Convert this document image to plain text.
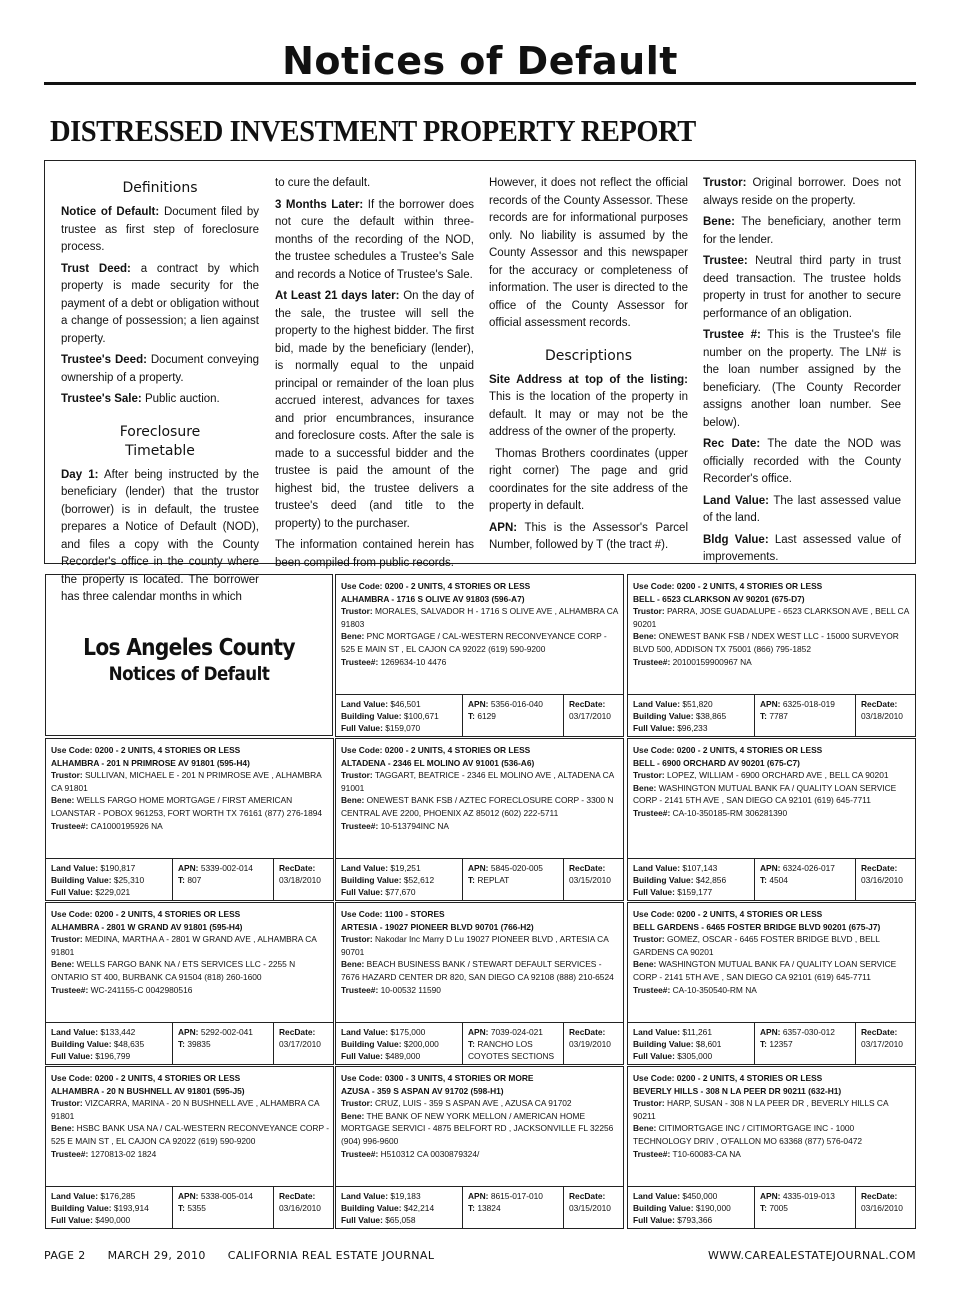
Notices of Default
DISTRESSED INVESTMENT PROPERTY REPORT
Definitions

Notice of Default: Document filed by trustee as first step of foreclosure process.

Trust Deed: a contract by which property is made security for the payment of a debt or obligation without a change of possession; a lien against property.

Trustee's Deed: Document conveying ownership of a property.

Trustee's Sale: Public auction.

Foreclosure
Timetable

Day 1: After being instructed by the beneficiary (lender) that the trustor (borrower) is in default, the trustee prepares a Notice of Default (NOD), and files a copy with the County Recorder's office in the county where the property is located. The borrower has three calendar months in which

to cure the default.

3 Months Later: If the borrower does not cure the default within three-months of the recording of the NOD, the trustee schedules a Trustee's Sale and records a Notice of Trustee's Sale.

At Least 21 days later: On the day of the sale, the trustee will sell the property to the highest bidder. The first bid, made by the beneficiary (lender), is normally equal to the unpaid principal or remainder of the loan plus accrued interest, advances for taxes and prior encumbrances, insurance and foreclosure costs. After the sale is made to a successful bidder and the trustee is paid the amount of the highest bid, the trustee delivers a trustee's deed (and title to the property) to the purchaser.

The information contained herein has been compiled from public records.

However, it does not reflect the official records of the County Assessor. These records are for informational purposes only. No liability is assumed by the County Assessor and this newspaper for the accuracy or completeness of information. The user is directed to the office of the County Assessor for official assessment records.

Descriptions

Site Address at top of the listing: This is the location of the property in default. It may or may not be the address of the owner of the property.

Thomas Brothers coordinates (upper right corner) The page and grid coordinates for the site address of the property in default.

APN: This is the Assessor's Parcel Number, followed by T (the tract #).

Trustor: Original borrower. Does not always reside on the property.

Bene: The beneficiary, another term for the lender.

Trustee: Neutral third party in trust deed transaction. The trustee holds property in trust for another to secure performance of an obligation.

Trustee #: This is the Trustee's file number on the property. The LN# is the loan number assigned by the beneficiary. (The County Recorder assigns another loan number. See below).

Rec Date: The date the NOD was officially recorded with the County Recorder's office.

Land Value: The last assessed value of the land.

Bldg Value: Last assessed value of improvements.

Los Angeles County
Notices of Default
Use Code: 0200 - 2 UNITS, 4 STORIES OR LESS
ALHAMBRA - 1716 S OLIVE AV 91803 (596-A7)
Trustor: MORALES, SALVADOR H - 1716 S OLIVE AVE , ALHAMBRA CA 91803
Bene: PNC MORTGAGE / CAL-WESTERN RECONVEYANCE CORP - 525 E MAIN ST , EL CAJON CA 92022 (619) 590-9200
Trustee#: 1269634-10 4476
Land Value: $46,501
Building Value: $100,671
Full Value: $159,070
APN: 5356-016-040
T: 6129
RecDate:
03/17/2010
Use Code: 0200 - 2 UNITS, 4 STORIES OR LESS
BELL - 6523 CLARKSON AV 90201 (675-D7)
Trustor: PARRA, JOSE GUADALUPE - 6523 CLARKSON AVE , BELL CA 90201
Bene: ONEWEST BANK FSB / NDEX WEST LLC - 15000 SURVEYOR BLVD 500, ADDISON TX 75001 (866) 795-1852
Trustee#: 20100159900967 NA
Land Value: $51,820
Building Value: $38,865
Full Value: $96,233
APN: 6325-018-019
T: 7787
RecDate:
03/18/2010
Use Code: 0200 - 2 UNITS, 4 STORIES OR LESS
ALHAMBRA - 201 N PRIMROSE AV 91801 (595-H4)
Trustor: SULLIVAN, MICHAEL E - 201 N PRIMROSE AVE , ALHAMBRA CA 91801
Bene: WELLS FARGO HOME MORTGAGE / FIRST AMERICAN LOANSTAR - POBOX 961253, FORT WORTH TX 76161 (877) 276-1894
Trustee#: CA1000195926 NA
Land Value: $190,817
Building Value: $25,310
Full Value: $229,021
APN: 5339-002-014
T: 807
RecDate:
03/18/2010
Use Code: 0200 - 2 UNITS, 4 STORIES OR LESS
ALTADENA - 2346 EL MOLINO AV 91001 (536-A6)
Trustor: TAGGART, BEATRICE - 2346 EL MOLINO AVE , ALTADENA CA 91001
Bene: ONEWEST BANK FSB / AZTEC FORECLOSURE CORP - 3300 N CENTRAL AVE 2200, PHOENIX AZ 85012 (602) 222-5711
Trustee#: 10-513794INC NA
Land Value: $19,251
Building Value: $52,612
Full Value: $77,670
APN: 5845-020-005
T: REPLAT
RecDate:
03/15/2010
Use Code: 0200 - 2 UNITS, 4 STORIES OR LESS
BELL - 6900 ORCHARD AV 90201 (675-C7)
Trustor: LOPEZ, WILLIAM - 6900 ORCHARD AVE , BELL CA 90201
Bene: WASHINGTON MUTUAL BANK FA / QUALITY LOAN SERVICE CORP - 2141 5TH AVE , SAN DIEGO CA 92101 (619) 645-7711
Trustee#: CA-10-350185-RM 306281390
Land Value: $107,143
Building Value: $42,856
Full Value: $159,177
APN: 6324-026-017
T: 4504
RecDate:
03/16/2010
Use Code: 0200 - 2 UNITS, 4 STORIES OR LESS
ALHAMBRA - 2801 W GRAND AV 91801 (595-H4)
Trustor: MEDINA, MARTHA A - 2801 W GRAND AVE , ALHAMBRA CA 91801
Bene: WELLS FARGO BANK NA / ETS SERVICES LLC - 2255 N ONTARIO ST 400, BURBANK CA 91504 (818) 260-1600
Trustee#: WC-241155-C 0042980516
Land Value: $133,442
Building Value: $48,635
Full Value: $196,799
APN: 5292-002-041
T: 39835
RecDate:
03/17/2010
Use Code: 1100 - STORES
ARTESIA - 19027 PIONEER BLVD 90701 (766-H2)
Trustor: Nakodar Inc Marry D Lu 19027 PIONEER BLVD , ARTESIA CA 90701
Bene: BEACH BUSINESS BANK / STEWART DEFAULT SERVICES - 7676 HAZARD CENTER DR 820, SAN DIEGO CA 92108 (888) 210-6524
Trustee#: 10-00532 11590
Land Value: $175,000
Building Value: $200,000
Full Value: $489,000
APN: 7039-024-021
T: RANCHO LOS COYOTES SECTIONS
RecDate:
03/19/2010
Use Code: 0200 - 2 UNITS, 4 STORIES OR LESS
BELL GARDENS - 6465 FOSTER BRIDGE BLVD 90201 (675-J7)
Trustor: GOMEZ, OSCAR - 6465 FOSTER BRIDGE BLVD , BELL GARDENS CA 90201
Bene: WASHINGTON MUTUAL BANK FA / QUALITY LOAN SERVICE CORP - 2141 5TH AVE , SAN DIEGO CA 92101 (619) 645-7711
Trustee#: CA-10-350540-RM NA
Land Value: $11,261
Building Value: $8,601
Full Value: $305,000
APN: 6357-030-012
T: 12357
RecDate:
03/17/2010
Use Code: 0200 - 2 UNITS, 4 STORIES OR LESS
ALHAMBRA - 20 N BUSHNELL AV 91801 (595-J5)
Trustor: VIZCARRA, MARINA - 20 N BUSHNELL AVE , ALHAMBRA CA 91801
Bene: HSBC BANK USA NA / CAL-WESTERN RECONVEYANCE CORP - 525 E MAIN ST , EL CAJON CA 92022 (619) 590-9200
Trustee#: 1270813-02 1824
Land Value: $176,285
Building Value: $193,914
Full Value: $490,000
APN: 5338-005-014
T: 5355
RecDate:
03/16/2010
Use Code: 0300 - 3 UNITS, 4 STORIES OR MORE
AZUSA - 359 S ASPAN AV 91702 (598-H1)
Trustor: CRUZ, LUIS - 359 S ASPAN AVE , AZUSA CA 91702
Bene: THE BANK OF NEW YORK MELLON / AMERICAN HOME MORTGAGE SERVICI - 4875 BELFORT RD , JACKSONVILLE FL 32256 (904) 996-9600
Trustee#: H510312 CA 0030879324/
Land Value: $19,183
Building Value: $42,214
Full Value: $65,058
APN: 8615-017-010
T: 13824
RecDate:
03/15/2010
Use Code: 0200 - 2 UNITS, 4 STORIES OR LESS
BEVERLY HILLS - 308 N LA PEER DR 90211 (632-H1)
Trustor: HARP, SUSAN - 308 N LA PEER DR , BEVERLY HILLS CA 90211
Bene: CITIMORTGAGE INC / CITIMORTGAGE INC - 1000 TECHNOLOGY DRIV , O'FALLON MO 63368 (877) 576-0472
Trustee#: T10-60083-CA NA
Land Value: $450,000
Building Value: $190,000
Full Value: $793,366
APN: 4335-019-013
T: 7005
RecDate:
03/16/2010
PAGE 2 MARCH 29, 2010 CALIFORNIA REAL ESTATE JOURNAL	WWW.CAREALESTATEJOURNAL.COM
